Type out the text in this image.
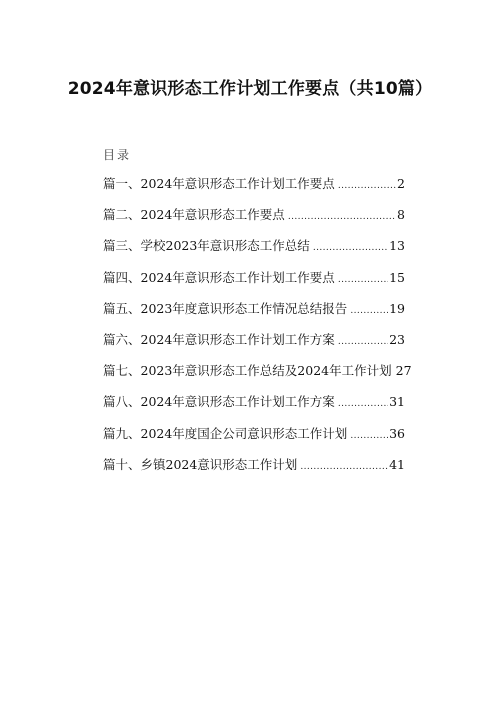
2024年意识形态工作计划工作要点（共10篇）
目录
篇一、2024年意识形态工作计划工作要点 .....	2
篇二、2024年意识形态工作要点 .....	8
篇三、学校2023年意识形态工作总结 .....	13
篇四、2024年意识形态工作计划工作要点 .....	15
篇五、2023年度意识形态工作情况总结报告 .....	19
篇六、2024年意识形态工作计划工作方案 .....	23
篇七、2023年意识形态工作总结及2024年工作计划 27
篇八、2024年意识形态工作计划工作方案 .....	31
篇九、2024年度国企公司意识形态工作计划 .....	36
篇十、乡镇2024意识形态工作计划 .....	41
